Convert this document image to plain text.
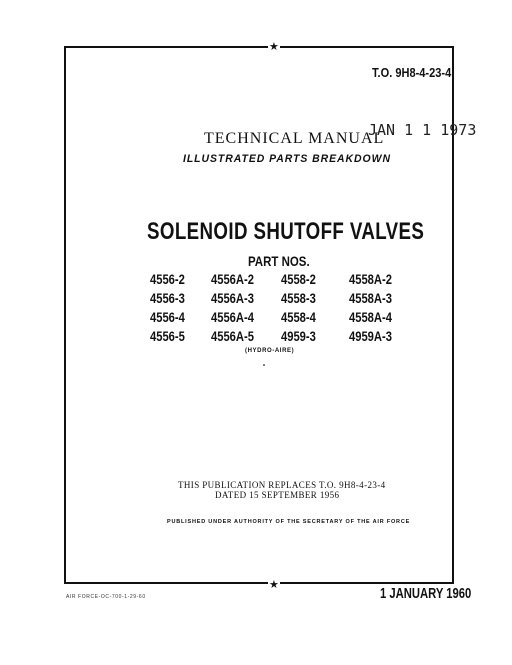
★
★
T.O. 9H8-4-23-4
JAN 1 1 1973
TECHNICAL MANUAL
ILLUSTRATED PARTS BREAKDOWN
SOLENOID SHUTOFF VALVES
PART NOS.
4556-2 4556A-2 4558-2 4558A-2
4556-3 4556A-3 4558-3 4558A-3
4556-4 4556A-4 4558-4 4558A-4
4556-5 4556A-5 4959-3 4959A-3
(HYDRO-AIRE)
THIS PUBLICATION REPLACES T.O. 9H8-4-23-4
DATED 15 SEPTEMBER 1956
PUBLISHED UNDER AUTHORITY OF THE SECRETARY OF THE AIR FORCE
AIR FORCE-OC-700-1-29-60	1 JANUARY 1960
